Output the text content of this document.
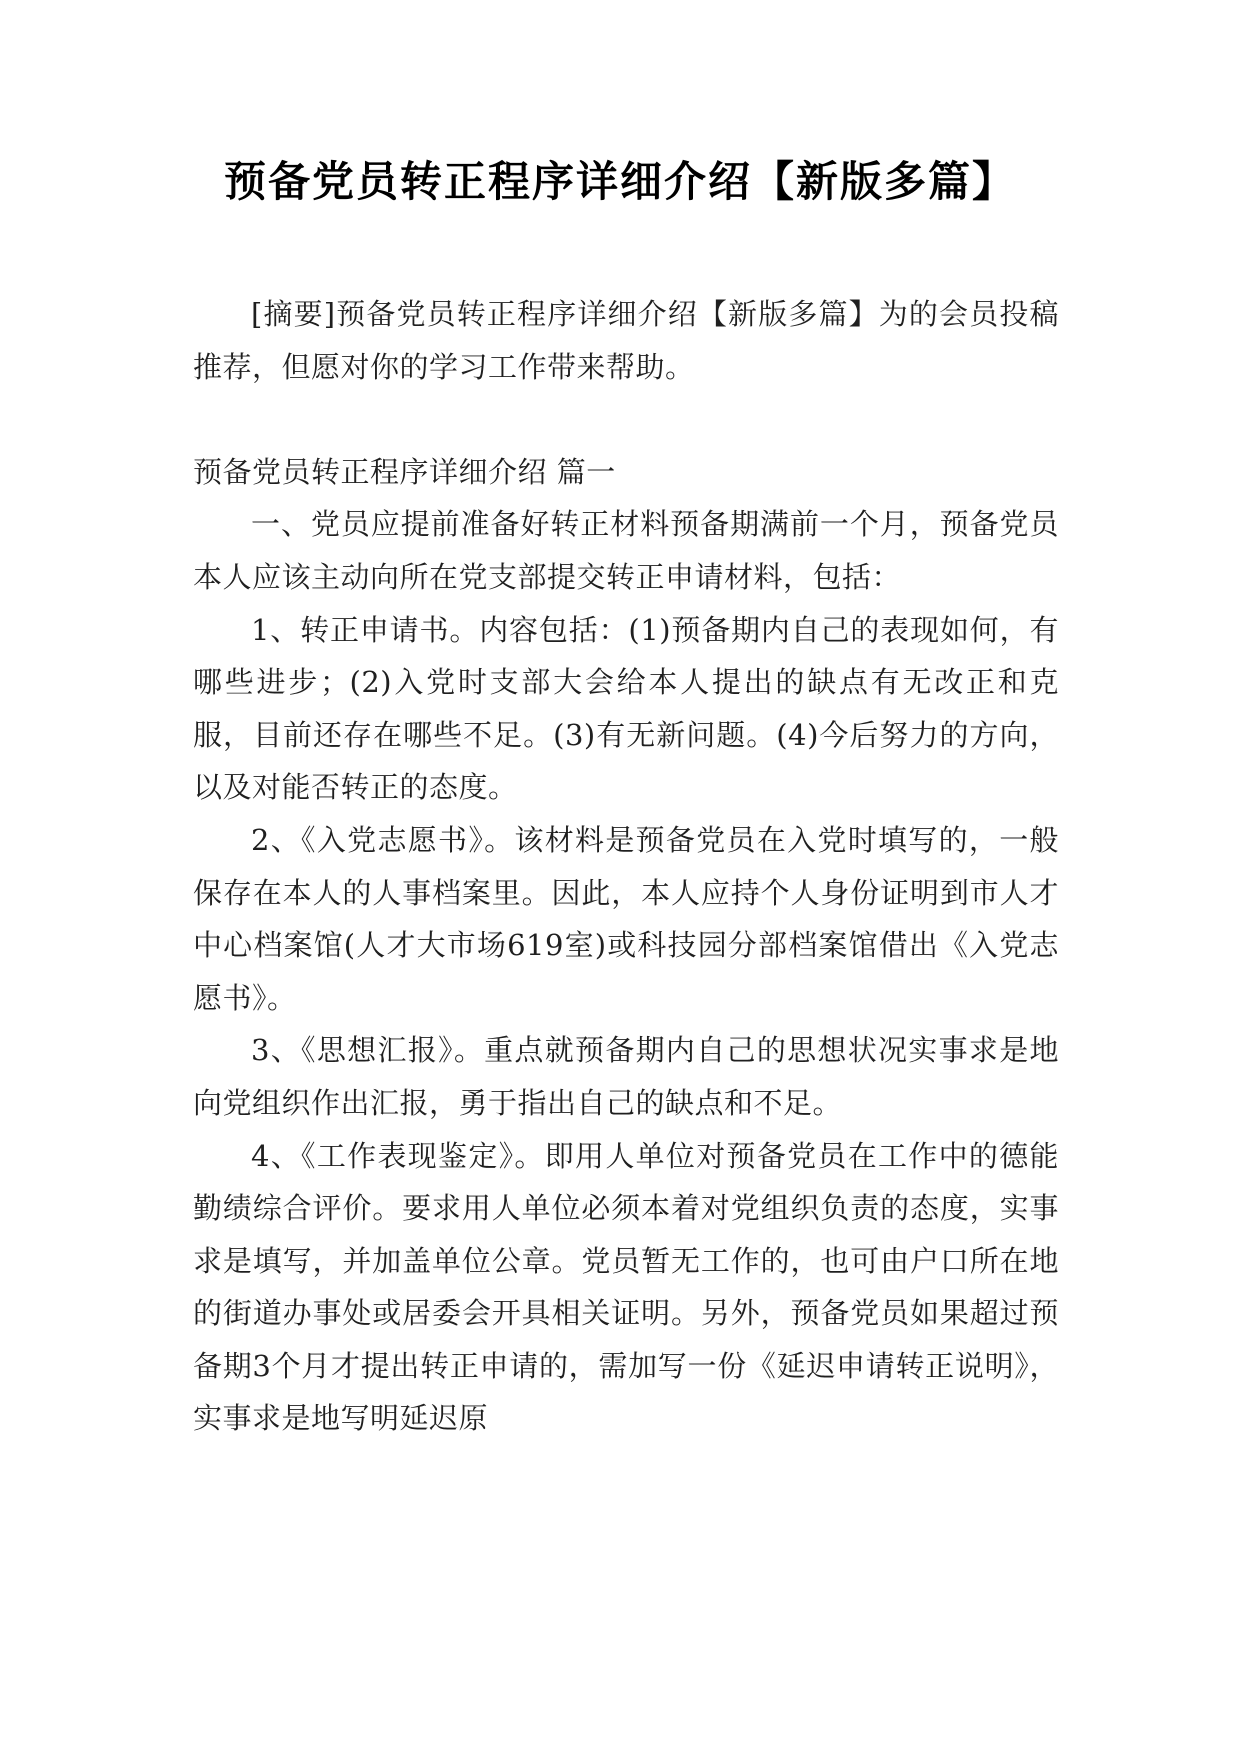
预备党员转正程序详细介绍【新版多篇】

[摘要]预备党员转正程序详细介绍【新版多篇】为的会员投稿推荐，但愿对你的学习工作带来帮助。

预备党员转正程序详细介绍 篇一

一、党员应提前准备好转正材料预备期满前一个月，预备党员本人应该主动向所在党支部提交转正申请材料，包括：

1、转正申请书。内容包括：(1)预备期内自己的表现如何，有哪些进步；(2)入党时支部大会给本人提出的缺点有无改正和克服，目前还存在哪些不足。(3)有无新问题。(4)今后努力的方向，以及对能否转正的态度。

2、《入党志愿书》。该材料是预备党员在入党时填写的，一般保存在本人的人事档案里。因此，本人应持个人身份证明到市人才中心档案馆(人才大市场619室)或科技园分部档案馆借出《入党志愿书》。

3、《思想汇报》。重点就预备期内自己的思想状况实事求是地向党组织作出汇报，勇于指出自己的缺点和不足。

4、《工作表现鉴定》。即用人单位对预备党员在工作中的德能勤绩综合评价。要求用人单位必须本着对党组织负责的态度，实事求是填写，并加盖单位公章。党员暂无工作的，也可由户口所在地的街道办事处或居委会开具相关证明。另外，预备党员如果超过预备期3个月才提出转正申请的，需加写一份《延迟申请转正说明》，实事求是地写明延迟原
